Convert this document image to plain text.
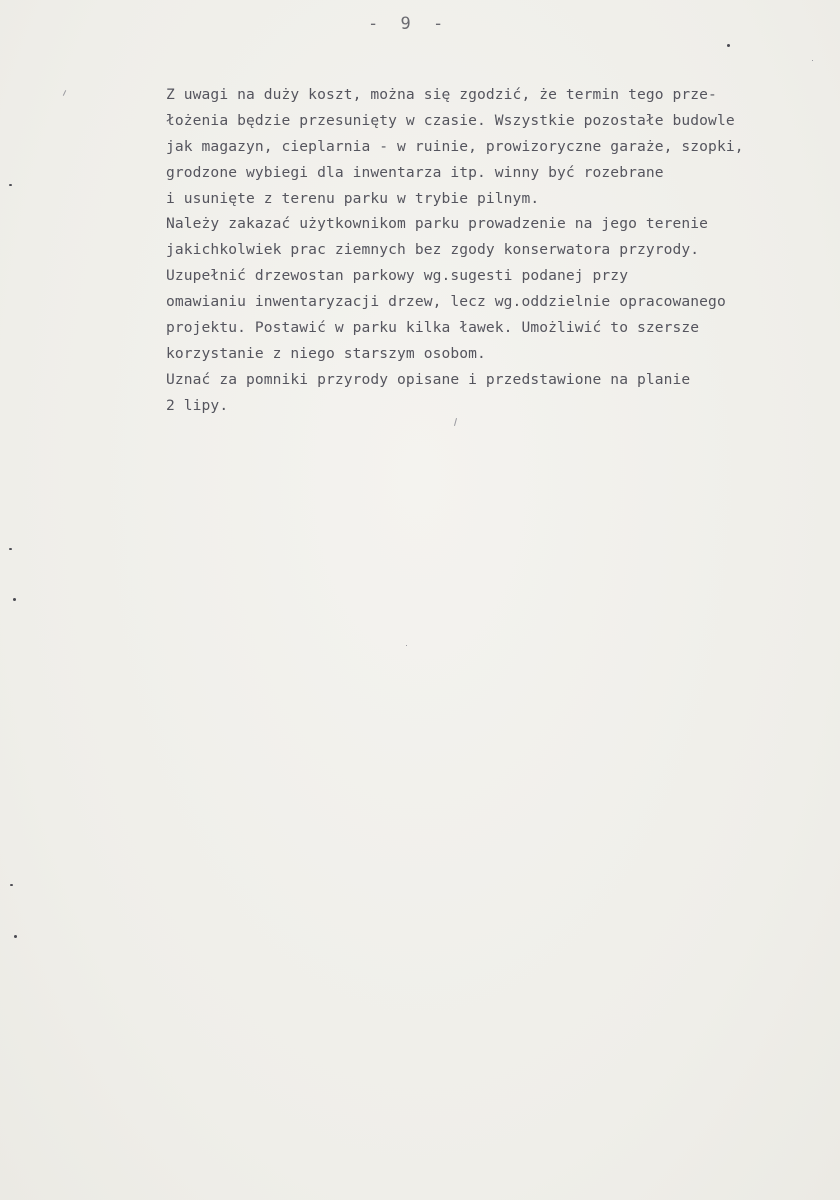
- 9 -
Z uwagi na duży koszt, można się zgodzić, że termin tego prze-
łożenia będzie przesunięty w czasie. Wszystkie pozostałe budowle
jak magazyn, cieplarnia - w ruinie, prowizoryczne garaże, szopki,
grodzone wybiegi dla inwentarza itp. winny być rozebrane
i usunięte z terenu parku w trybie pilnym.
Należy zakazać użytkownikom parku prowadzenie na jego terenie
jakichkolwiek prac ziemnych bez zgody konserwatora przyrody.
Uzupełnić drzewostan parkowy wg.sugesti podanej przy
omawianiu inwentaryzacji drzew, lecz wg.oddzielnie opracowanego
projektu. Postawić w parku kilka ławek. Umożliwić to szersze
korzystanie z niego starszym osobom.
Uznać za pomniki przyrody opisane i przedstawione na planie
2 lipy.
